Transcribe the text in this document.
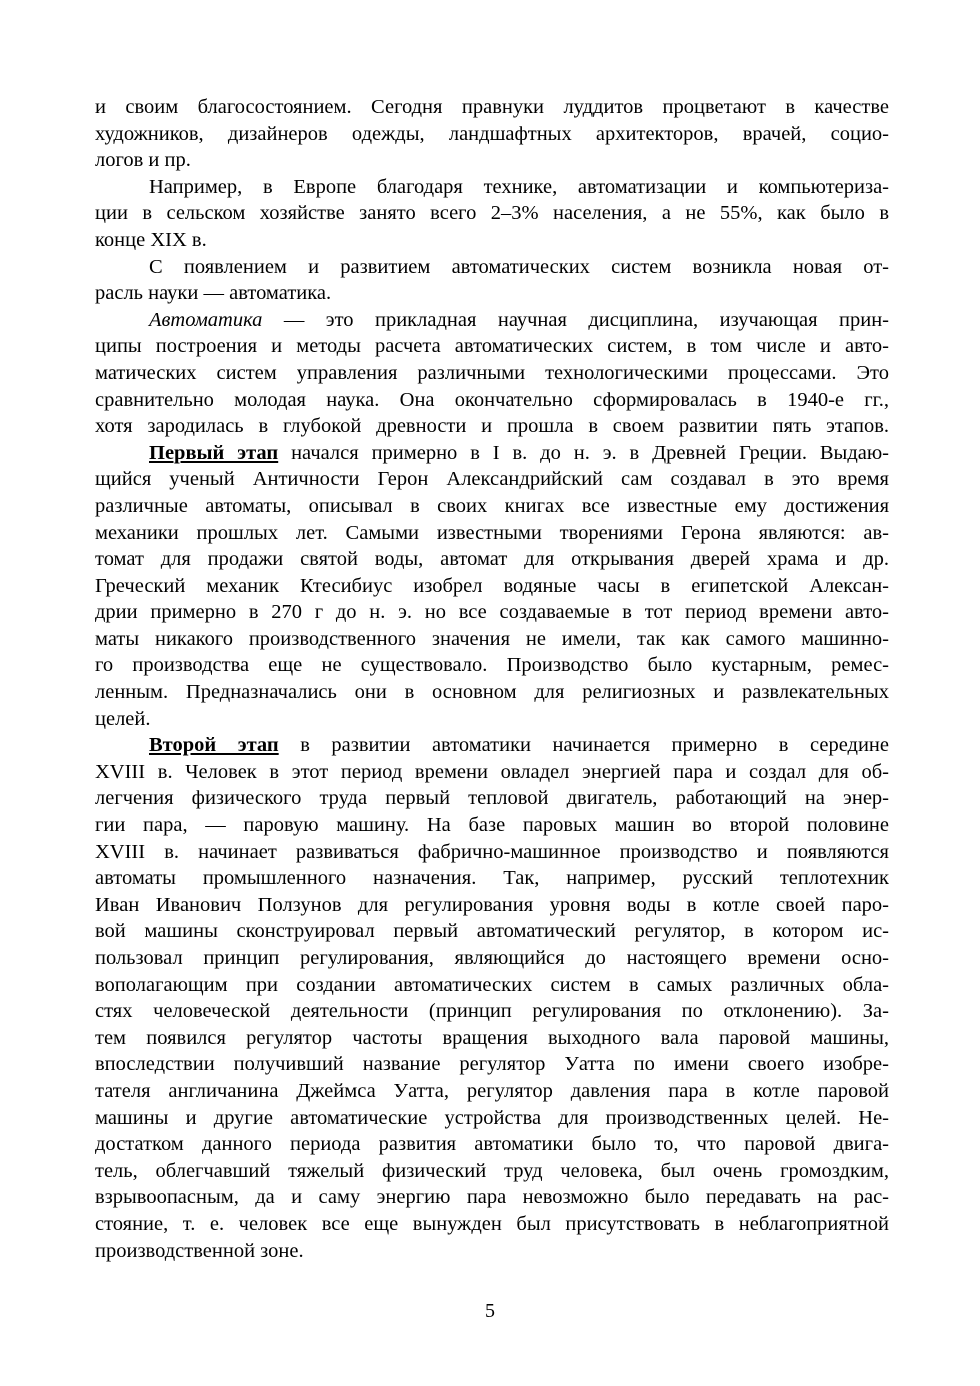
и своим благосостоянием. Сегодня правнуки луддитов процветают в качестве
художников, дизайнеров одежды, ландшафтных архитекторов, врачей, социо-
логов и пр.
Например, в Европе благодаря технике, автоматизации и компьютериза-
ции в сельском хозяйстве занято всего 2–3% населения, а не 55%, как было в
конце XIX в.
С появлением и развитием автоматических систем возникла новая от-
расль науки — автоматика.
Автоматика — это прикладная научная дисциплина, изучающая прин-
ципы построения и методы расчета автоматических систем, в том числе и авто-
матических систем управления различными технологическими процессами. Это
сравнительно молодая наука. Она окончательно сформировалась в 1940-е гг.,
хотя зародилась в глубокой древности и прошла в своем развитии пять этапов.
Первый этап начался примерно в I в. до н. э. в Древней Греции. Выдаю-
щийся ученый Античности Герон Александрийский сам создавал в это время
различные автоматы, описывал в своих книгах все известные ему достижения
механики прошлых лет. Самыми известными творениями Герона являются: ав-
томат для продажи святой воды, автомат для открывания дверей храма и др.
Греческий механик Ктесибиус изобрел водяные часы в египетской Алексан-
дрии примерно в 270 г до н. э. но все создаваемые в тот период времени авто-
маты никакого производственного значения не имели, так как самого машинно-
го производства еще не существовало. Производство было кустарным, ремес-
ленным. Предназначались они в основном для религиозных и развлекательных
целей.
Второй этап в развитии автоматики начинается примерно в середине
XVIII в. Человек в этот период времени овладел энергией пара и создал для об-
легчения физического труда первый тепловой двигатель, работающий на энер-
гии пара, — паровую машину. На базе паровых машин во второй половине
XVIII в. начинает развиваться фабрично-машинное производство и появляются
автоматы промышленного назначения. Так, например, русский теплотехник
Иван Иванович Ползунов для регулирования уровня воды в котле своей паро-
вой машины сконструировал первый автоматический регулятор, в котором ис-
пользовал принцип регулирования, являющийся до настоящего времени осно-
вополагающим при создании автоматических систем в самых различных обла-
стях человеческой деятельности (принцип регулирования по отклонению). За-
тем появился регулятор частоты вращения выходного вала паровой машины,
впоследствии получивший название регулятор Уатта по имени своего изобре-
тателя англичанина Джеймса Уатта, регулятор давления пара в котле паровой
машины и другие автоматические устройства для производственных целей. Не-
достатком данного периода развития автоматики было то, что паровой двига-
тель, облегчавший тяжелый физический труд человека, был очень громоздким,
взрывоопасным, да и саму энергию пара невозможно было передавать на рас-
стояние, т. е. человек все еще вынужден был присутствовать в неблагоприятной
производственной зоне.
5
